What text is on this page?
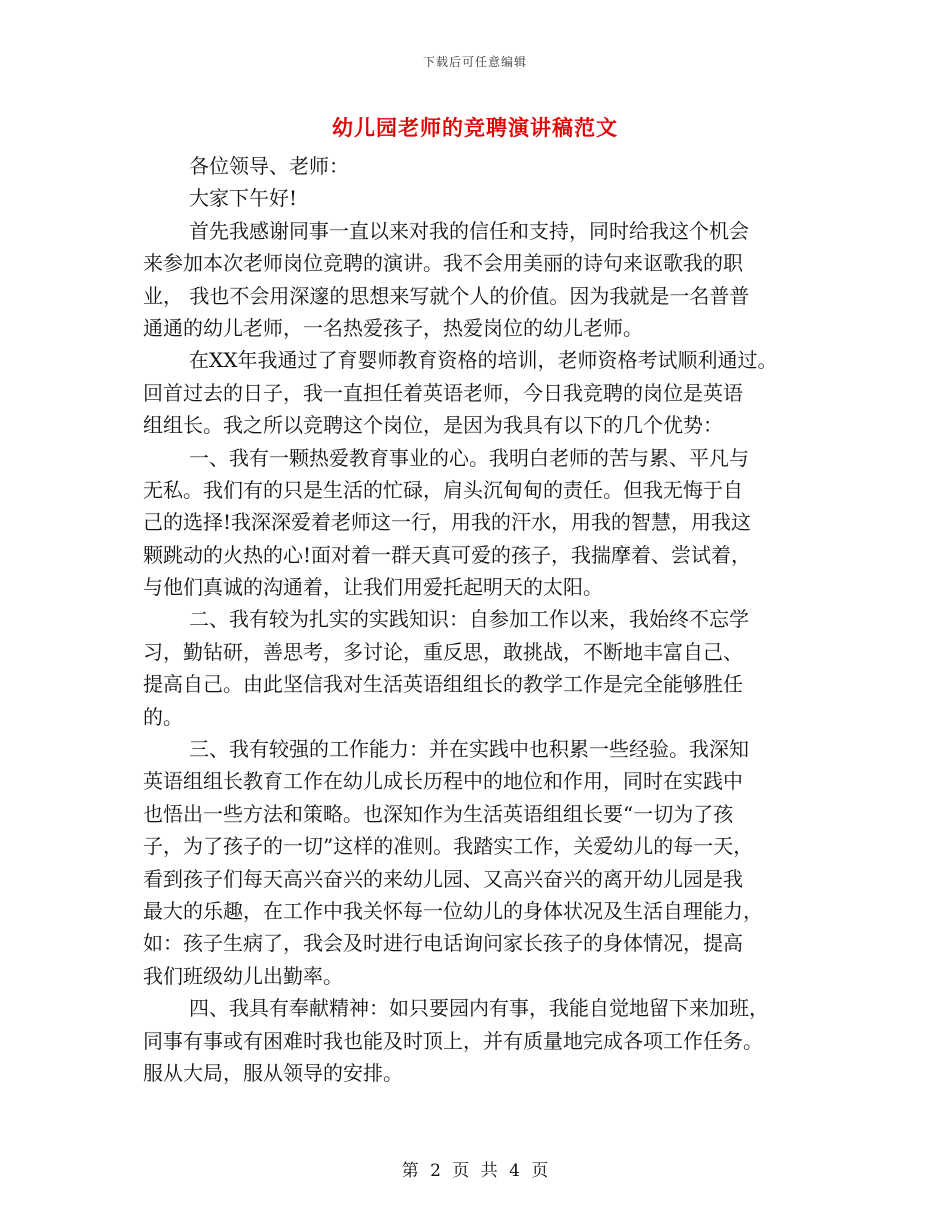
下载后可任意编辑
幼儿园老师的竞聘演讲稿范文
各位领导、老师：
大家下午好!
首先我感谢同事一直以来对我的信任和支持，同时给我这个机会
来参加本次老师岗位竞聘的演讲。我不会用美丽的诗句来讴歌我的职
业， 我也不会用深邃的思想来写就个人的价值。因为我就是一名普普
通通的幼儿老师，一名热爱孩子，热爱岗位的幼儿老师。
在XX年我通过了育婴师教育资格的培训，老师资格考试顺利通过。
回首过去的日子，我一直担任着英语老师，今日我竞聘的岗位是英语
组组长。我之所以竞聘这个岗位，是因为我具有以下的几个优势：
一、我有一颗热爱教育事业的心。我明白老师的苦与累、平凡与
无私。我们有的只是生活的忙碌，肩头沉甸甸的责任。但我无悔于自
己的选择!我深深爱着老师这一行，用我的汗水，用我的智慧，用我这
颗跳动的火热的心!面对着一群天真可爱的孩子，我揣摩着、尝试着，
与他们真诚的沟通着，让我们用爱托起明天的太阳。
二、我有较为扎实的实践知识：自参加工作以来，我始终不忘学
习，勤钻研，善思考，多讨论，重反思，敢挑战，不断地丰富自己、
提高自己。由此坚信我对生活英语组组长的教学工作是完全能够胜任
的。
三、我有较强的工作能力：并在实践中也积累一些经验。我深知
英语组组长教育工作在幼儿成长历程中的地位和作用，同时在实践中
也悟出一些方法和策略。也深知作为生活英语组组长要“一切为了孩
子，为了孩子的一切”这样的准则。我踏实工作，关爱幼儿的每一天，
看到孩子们每天高兴奋兴的来幼儿园、又高兴奋兴的离开幼儿园是我
最大的乐趣，在工作中我关怀每一位幼儿的身体状况及生活自理能力，
如：孩子生病了，我会及时进行电话询问家长孩子的身体情况，提高
我们班级幼儿出勤率。
四、我具有奉献精神：如只要园内有事，我能自觉地留下来加班，
同事有事或有困难时我也能及时顶上，并有质量地完成各项工作任务。
服从大局，服从领导的安排。
第 2 页 共 4 页
